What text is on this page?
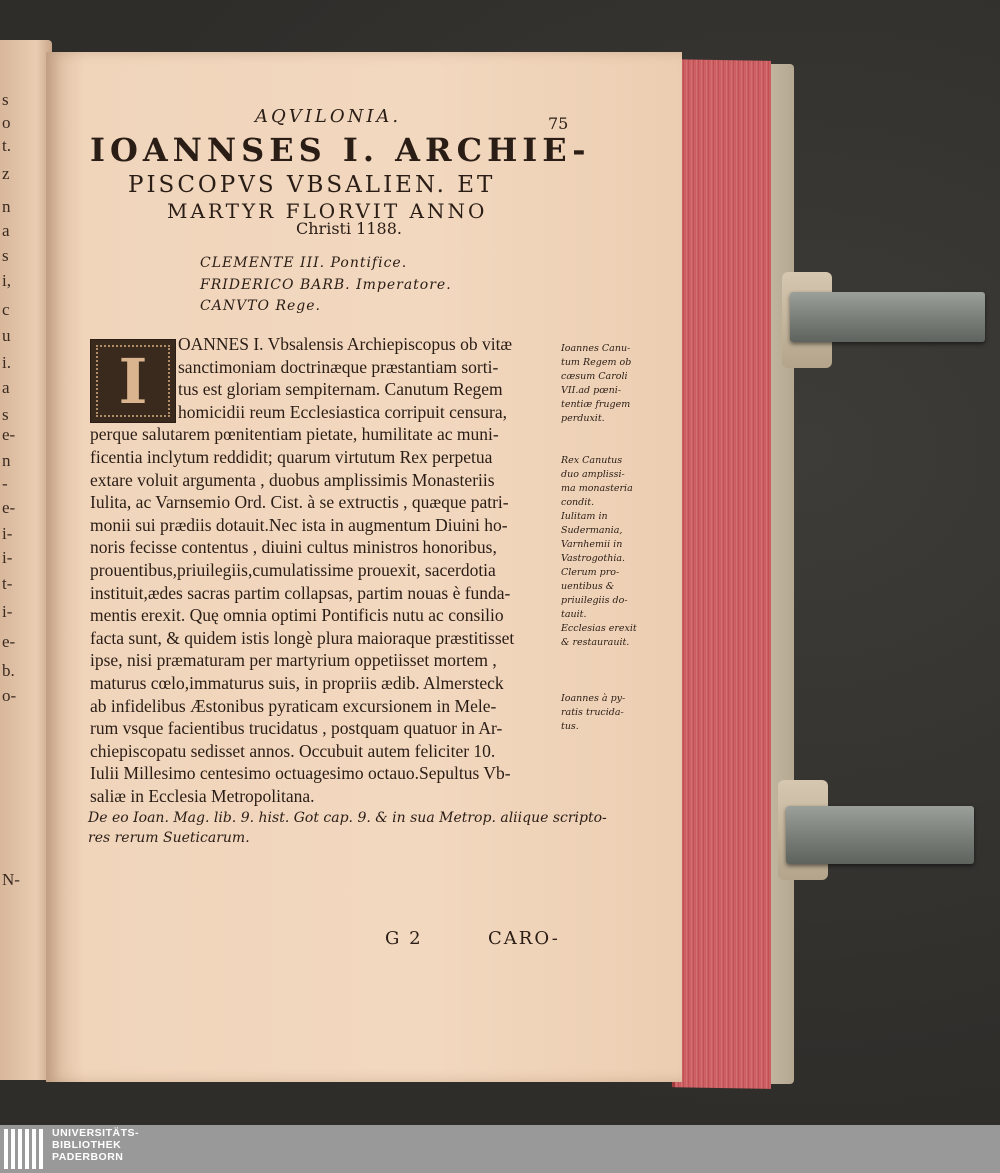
s
o
t.
z
n
a
s
i,
c
u
i.
a
s
e-
n
-
e-
i-
i-
t-
i-
e-
b.
o-
N-
AQVILONIA.	75
IOANNSES I. ARCHIE-
PISCOPVS VBSALIEN. ET
MARTYR FLORVIT ANNO
Christi 1188.
CLEMENTE III. Pontifice.
FRIDERICO BARB. Imperatore.
CANVTO Rege.
I
OANNES I. Vbsalensis Archiepiscopus ob vitæ
sanctimoniam doctrinæque præstantiam sorti-
tus est gloriam sempiternam. Canutum Regem
homicidii reum Ecclesiastica corripuit censura,
perque salutarem pœnitentiam pietate, humilitate ac muni-
ficentia inclytum reddidit; quarum virtutum Rex perpetua
extare voluit argumenta , duobus amplissimis Monasteriis
Iulita, ac Varnsemio Ord. Cist. à se extructis , quæque patri-
monii sui prædiis dotauit.Nec ista in augmentum Diuini ho-
noris fecisse contentus , diuini cultus ministros honoribus,
prouentibus,priuilegiis,cumulatissime prouexit, sacerdotia
instituit,ædes sacras partim collapsas, partim nouas è funda-
mentis erexit. Quę omnia optimi Pontificis nutu ac consilio
facta sunt, & quidem istis longè plura maioraque præstitisset
ipse, nisi præmaturam per martyrium oppetiisset mortem ,
maturus cœlo,immaturus suis, in propriis ædib. Almersteck
ab infidelibus Æstonibus pyraticam excursionem in Mele-
rum vsque facientibus trucidatus , postquam quatuor in Ar-
chiepiscopatu sedisset annos. Occubuit autem feliciter 10.
Iulii Millesimo centesimo octuagesimo octauo.Sepultus Vb-
saliæ in Ecclesia Metropolitana.
Ioannes Canu-
tum Regem ob
cæsum Caroli
VII.ad pœni-
tentiæ frugem
perduxit.
Rex Canutus
duo amplissi-
ma monasteria
condit.
Iulitam in
Sudermania,
Varnhemii in
Vastrogothia.
Clerum pro-
uentibus &
priuilegiis do-
tauit.
Ecclesias erexit
& restaurauit.
Ioannes à py-
ratis trucida-
tus.
De eo Ioan. Mag. lib. 9. hist. Got cap. 9. & in sua Metrop. aliique scripto-
res rerum Sueticarum.
G 2	CARO-
UNIVERSITÄTS-
BIBLIOTHEK
PADERBORN
